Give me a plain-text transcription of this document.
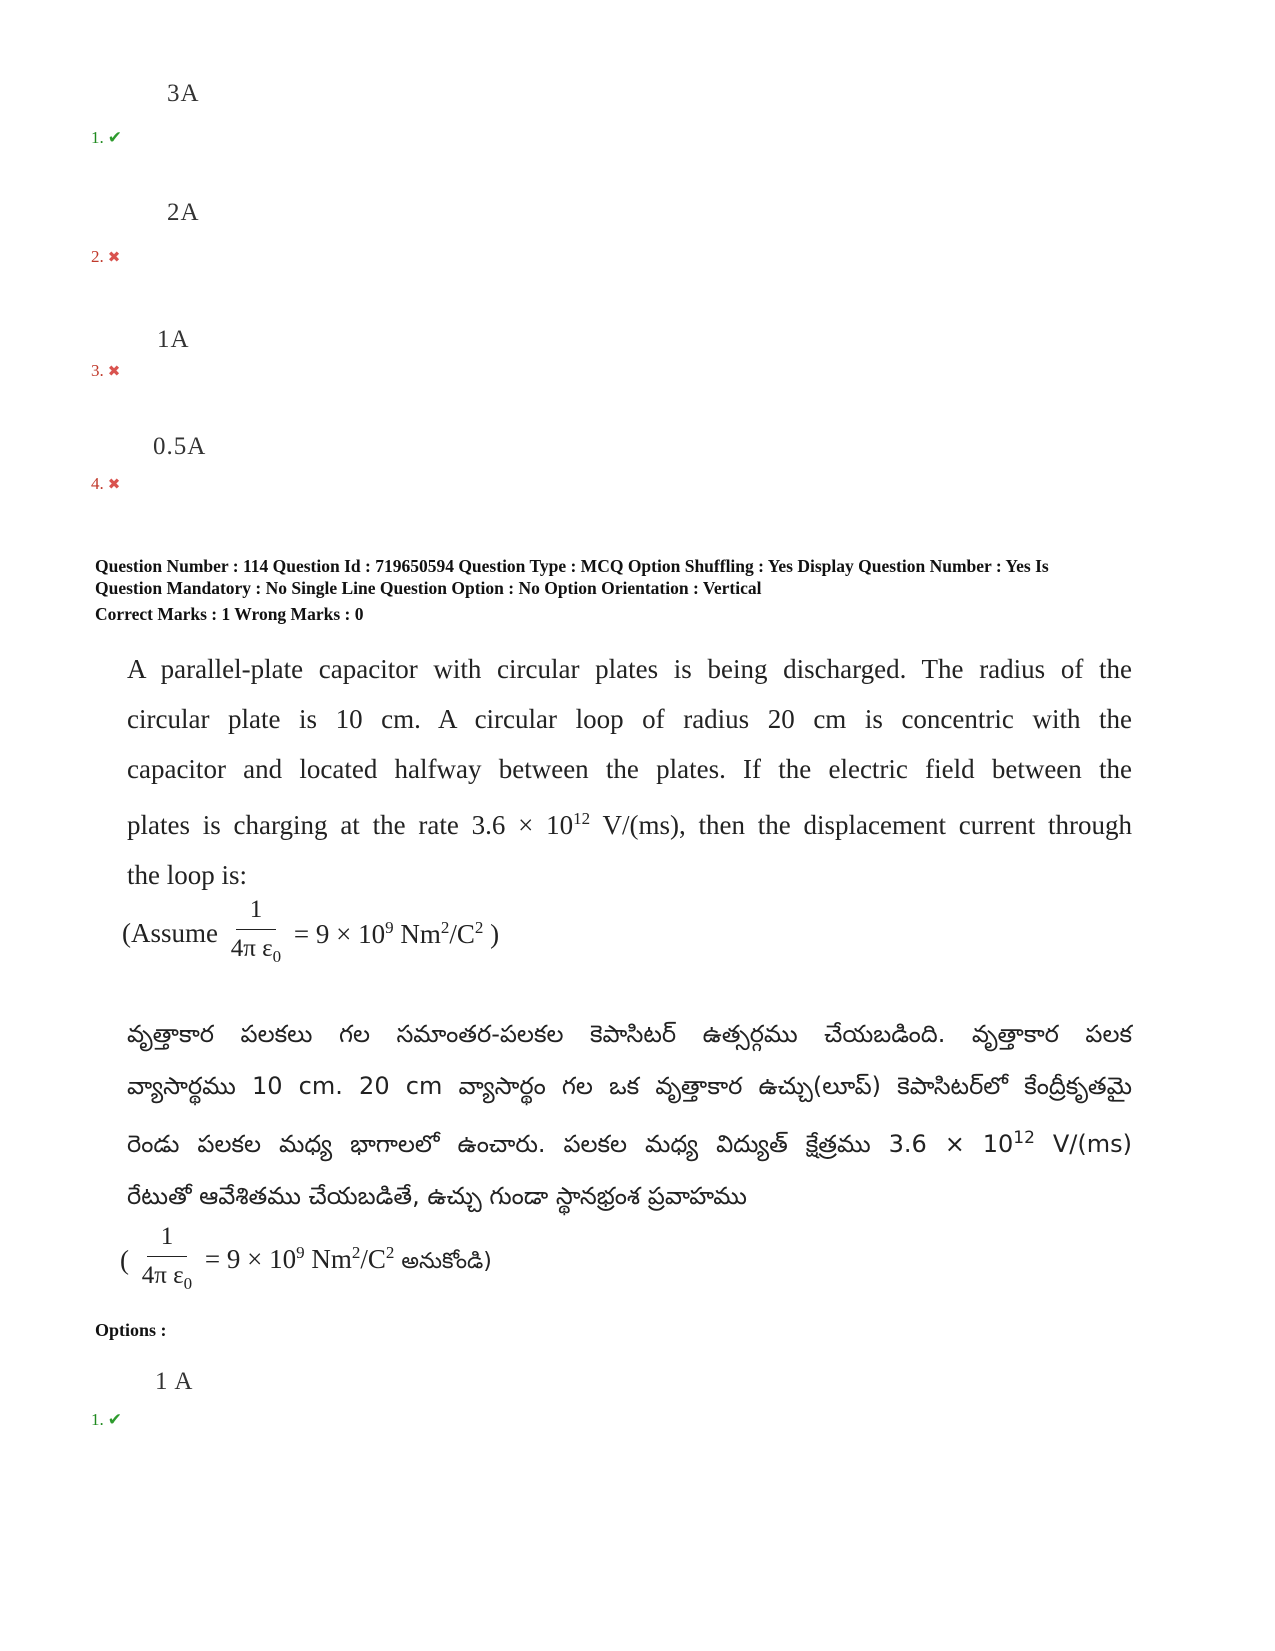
3A
1. ✔
2A
2. ✖
1A
3. ✖
0.5A
4. ✖
Question Number : 114 Question Id : 719650594 Question Type : MCQ Option Shuffling : Yes Display Question Number : Yes Is
Question Mandatory : No Single Line Question Option : No Option Orientation : Vertical
Correct Marks : 1 Wrong Marks : 0
A parallel-plate capacitor with circular plates is being discharged. The radius of the
circular plate is 10 cm. A circular loop of radius 20 cm is concentric with the
capacitor and located halfway between the plates. If the electric field between the
plates is charging at the rate $3.6 \times 10^{12}$ V/(ms), then the displacement current through
the loop is:
(Assume $\frac{1}{4\pi \varepsilon_0} = 9 \times 10^9$ $Nm^2/C^2$ )
వృత్తాకార పలకలు గల సమాంతర-పలకల కెపాసిటర్ ఉత్సర్గము చేయబడింది. వృత్తాకార పలక
వ్యాసార్థము 10 cm. 20 cm వ్యాసార్థం గల ఒక వృత్తాకార ఉచ్చు(లూప్) కెపాసిటర్‌లో కేంద్రీకృతమై
రెండు పలకల మధ్య భాగాలలో ఉంచారు. పలకల మధ్య విద్యుత్ క్షేత్రము $3.6 \times 10^{12}$ V/(ms)
రేటుతో ఆవేశితము చేయబడితే, ఉచ్చు గుండా స్థానభ్రంశ ప్రవాహము
( $\frac{1}{4\pi \varepsilon_0} = 9 \times 10^9$ $Nm^2/C^2$ అనుకోండి)
Options :
1 A
1. ✔
